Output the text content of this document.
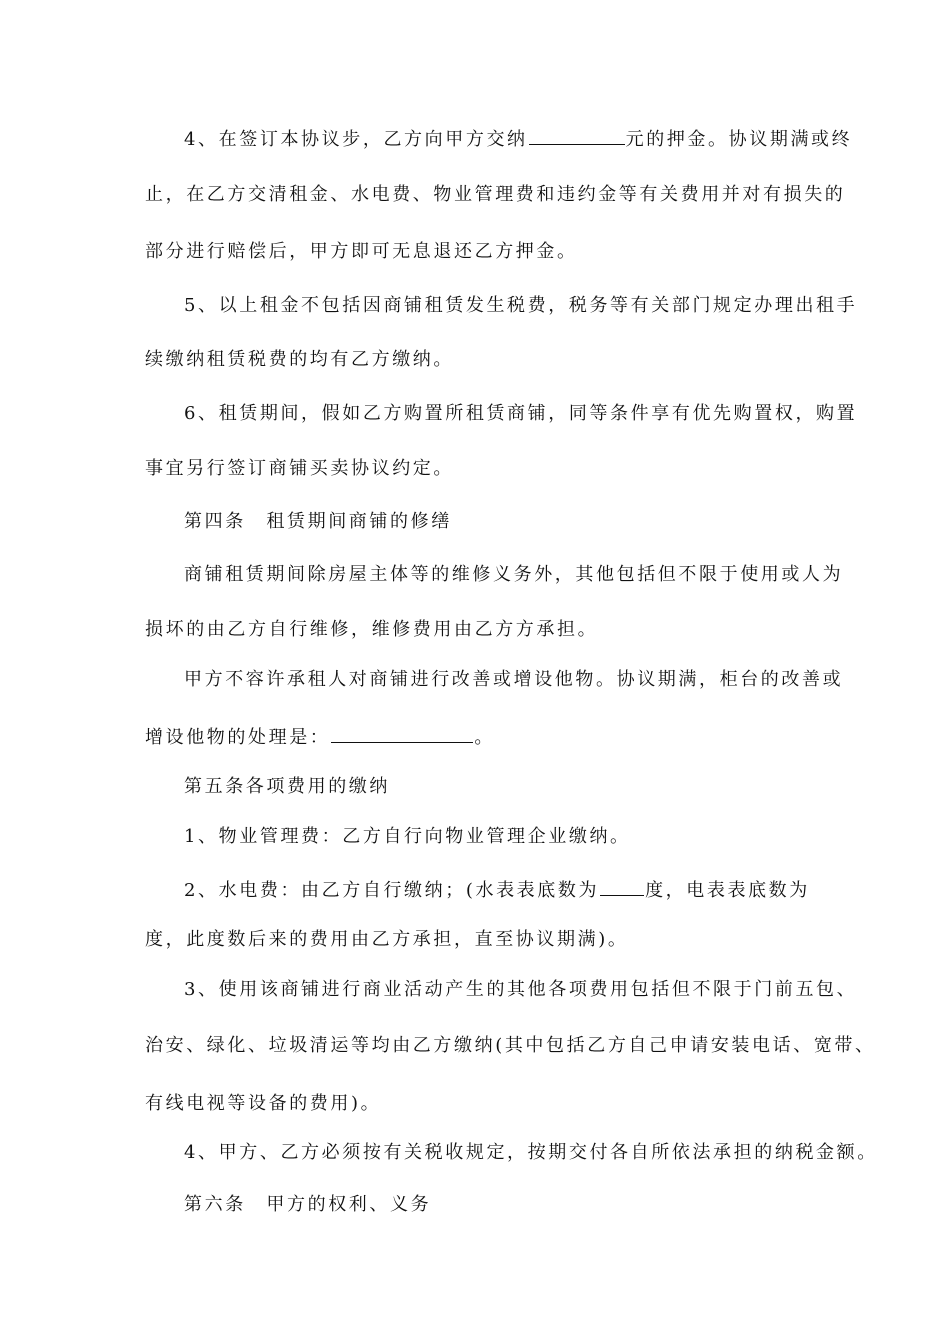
4、在签订本协议步，乙方向甲方交纳	元的押金。协议期满或终
止，在乙方交清租金、水电费、物业管理费和违约金等有关费用并对有损失的
部分进行赔偿后，甲方即可无息退还乙方押金。
5、以上租金不包括因商铺租赁发生税费，税务等有关部门规定办理出租手
续缴纳租赁税费的均有乙方缴纳。
6、租赁期间，假如乙方购置所租赁商铺，同等条件享有优先购置权，购置
事宜另行签订商铺买卖协议约定。
第四条　租赁期间商铺的修缮
商铺租赁期间除房屋主体等的维修义务外，其他包括但不限于使用或人为
损坏的由乙方自行维修，维修费用由乙方方承担。
甲方不容许承租人对商铺进行改善或增设他物。协议期满，柜台的改善或
增设他物的处理是：	。
第五条各项费用的缴纳
1、物业管理费：乙方自行向物业管理企业缴纳。
2、水电费：由乙方自行缴纳；(水表表底数为	度，电表表底数为
度，此度数后来的费用由乙方承担，直至协议期满)。
3、使用该商铺进行商业活动产生的其他各项费用包括但不限于门前五包、
治安、绿化、垃圾清运等均由乙方缴纳(其中包括乙方自己申请安装电话、宽带、
有线电视等设备的费用)。
4、甲方、乙方必须按有关税收规定，按期交付各自所依法承担的纳税金额。
第六条　甲方的权利、义务
